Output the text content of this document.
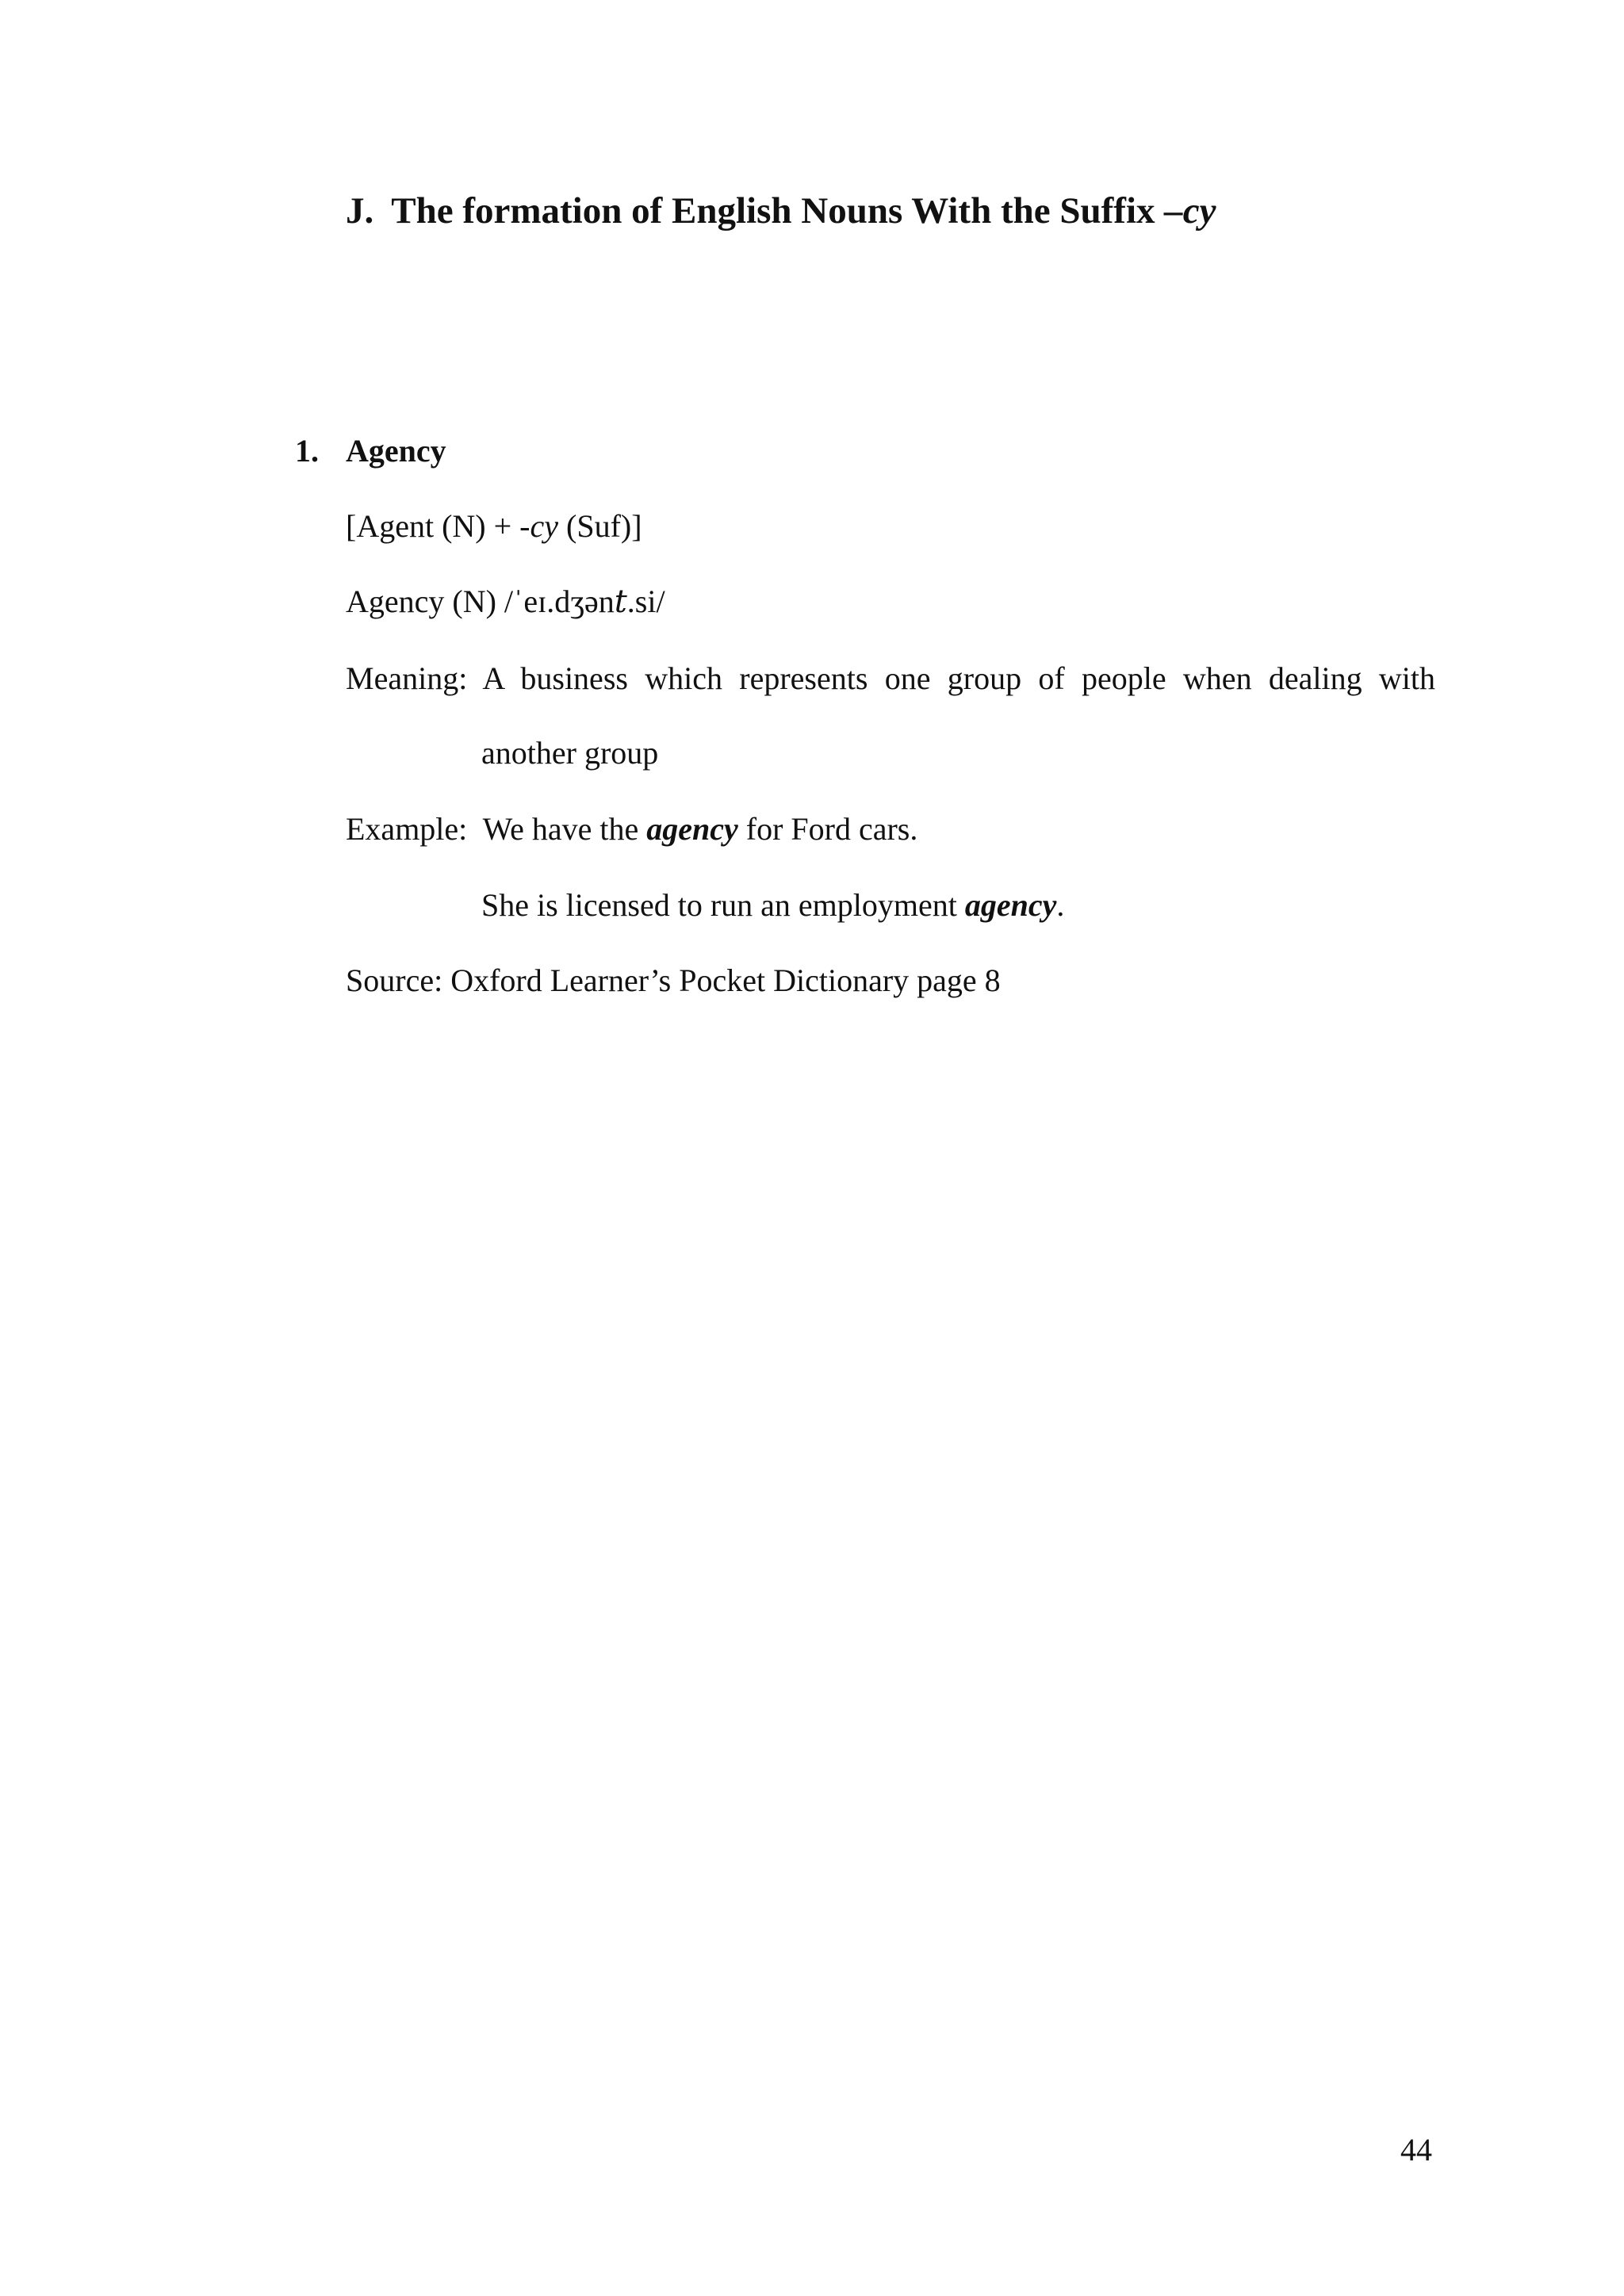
J. The formation of English Nouns With the Suffix –cy
1. Agency
[Agent (N) + -cy (Suf)]
Agency (N) /ˈeɪ.dʒən𝑡.si/
Meaning: A business which represents one group of people when dealing with
another group
Example: We have the agency for Ford cars.
She is licensed to run an employment agency.
Source: Oxford Learner’s Pocket Dictionary page 8
44
